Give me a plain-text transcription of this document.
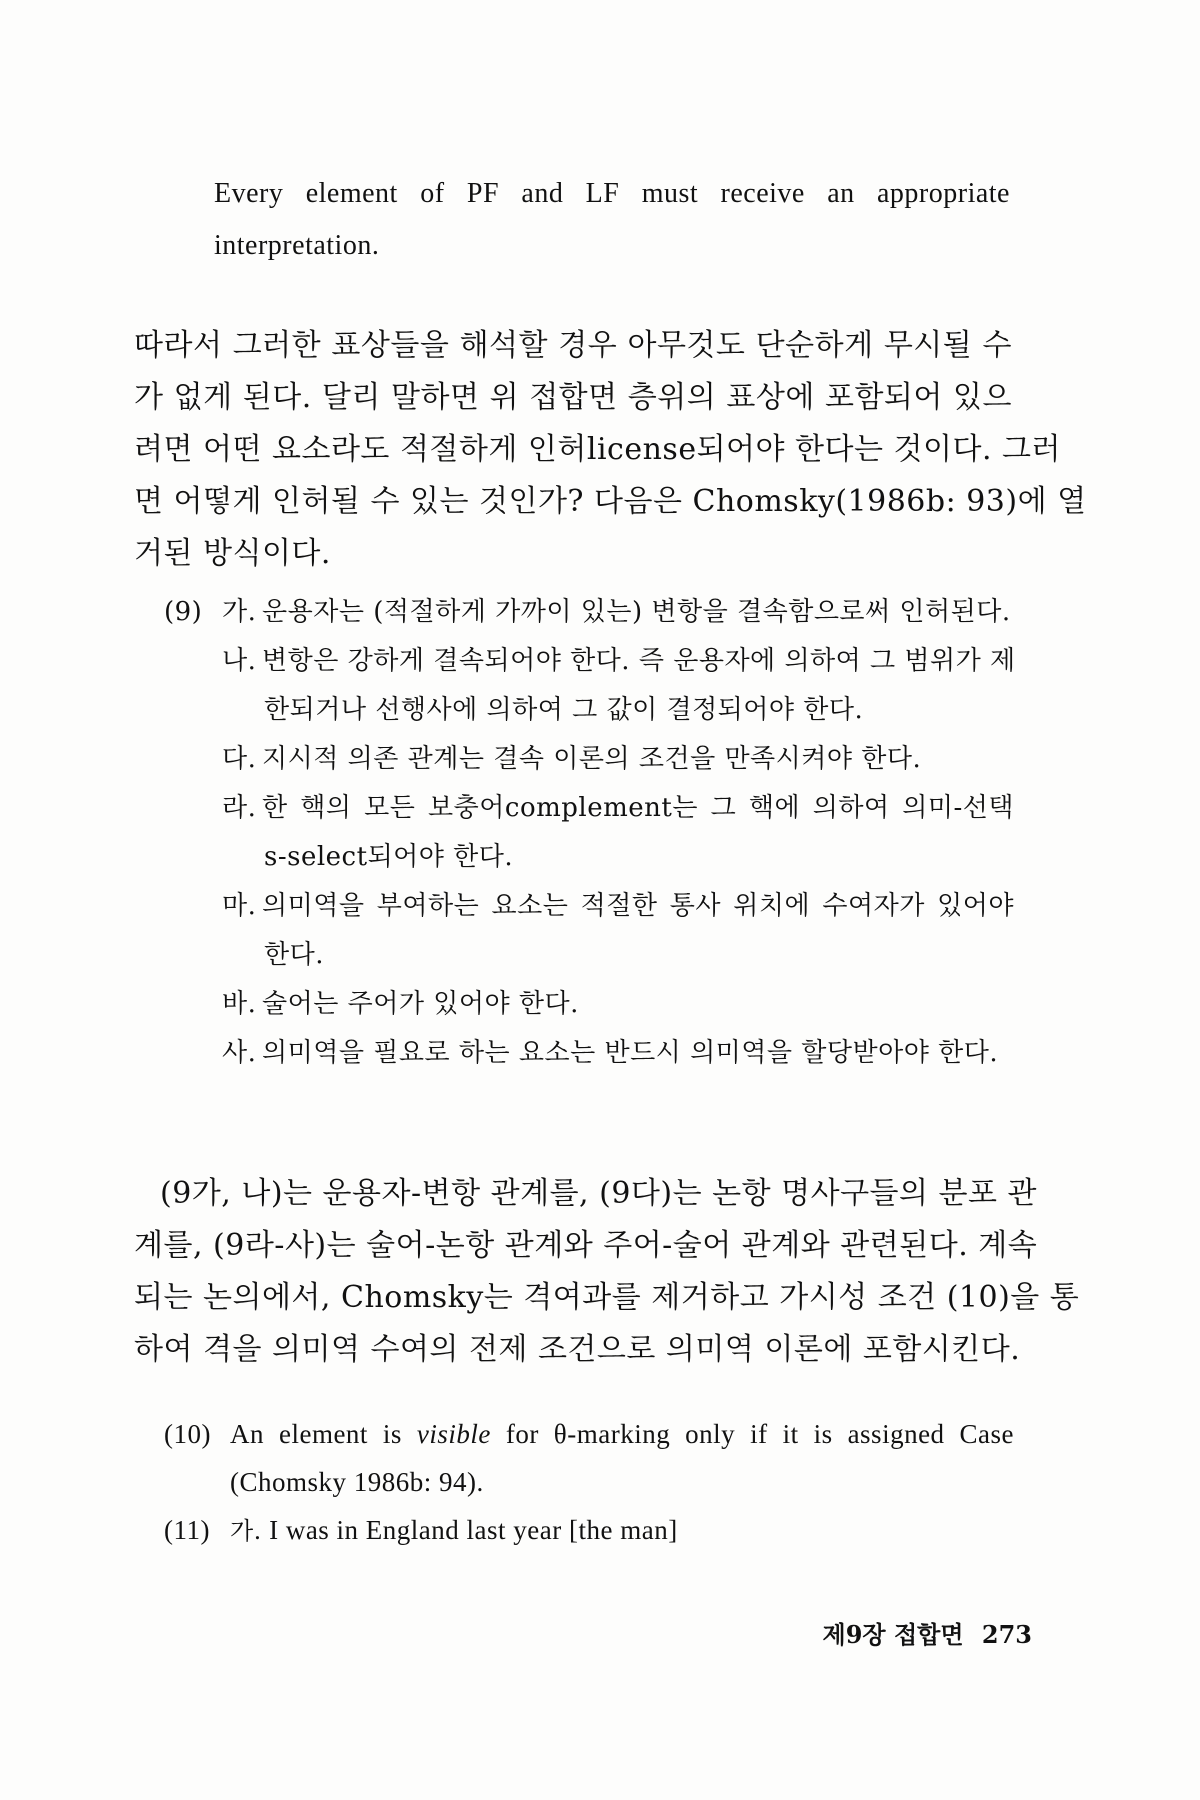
Every element of PF and LF must receive an appropriate
interpretation.
따라서 그러한 표상들을 해석할 경우 아무것도 단순하게 무시될 수
가 없게 된다. 달리 말하면 위 접합면 층위의 표상에 포함되어 있으
려면 어떤 요소라도 적절하게 인허license되어야 한다는 것이다. 그러
면 어떻게 인허될 수 있는 것인가? 다음은 Chomsky(1986b: 93)에 열
거된 방식이다.
(9) 가. 운용자는 (적절하게 가까이 있는) 변항을 결속함으로써 인허된다.
나. 변항은 강하게 결속되어야 한다. 즉 운용자에 의하여 그 범위가 제
한되거나 선행사에 의하여 그 값이 결정되어야 한다.
다. 지시적 의존 관계는 결속 이론의 조건을 만족시켜야 한다.
라. 한 핵의 모든 보충어complement는 그 핵에 의하여 의미-선택
s-select되어야 한다.
마. 의미역을 부여하는 요소는 적절한 통사 위치에 수여자가 있어야
한다.
바. 술어는 주어가 있어야 한다.
사. 의미역을 필요로 하는 요소는 반드시 의미역을 할당받아야 한다.
(9가, 나)는 운용자-변항 관계를, (9다)는 논항 명사구들의 분포 관
계를, (9라-사)는 술어-논항 관계와 주어-술어 관계와 관련된다. 계속
되는 논의에서, Chomsky는 격여과를 제거하고 가시성 조건 (10)을 통
하여 격을 의미역 수여의 전제 조건으로 의미역 이론에 포함시킨다.
(10) An element is visible for θ-marking only if it is assigned Case
(Chomsky 1986b: 94).
(11) 가. I was in England last year [the man]
제9장 접합면 273
